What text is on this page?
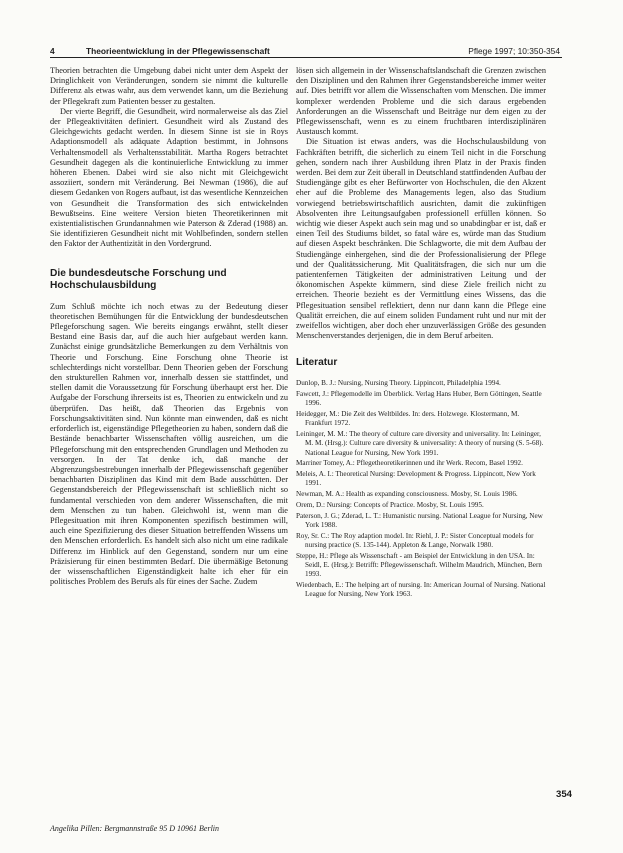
4	Theorieentwicklung in der Pflegewissenschaft	Pflege 1997; 10:350-354

Theorien betrachten die Umgebung dabei nicht unter dem Aspekt der Dringlichkeit von Veränderungen, sondern sie nimmt die kulturelle Differenz als etwas wahr, aus dem verwendet kann, um die Beziehung der Pflegekraft zum Patienten besser zu gestalten.

Der vierte Begriff, die Gesundheit, wird normalerweise als das Ziel der Pflegeaktivitäten definiert. Gesundheit wird als Zustand des Gleichgewichts gedacht werden. In diesem Sinne ist sie in Roys Adaptionsmodell als adäquate Adaption bestimmt, in Johnsons Verhaltensmodell als Verhaltensstabilität. Martha Rogers betrachtet Gesundheit dagegen als die kontinuierliche Entwicklung zu immer höheren Ebenen. Dabei wird sie also nicht mit Gleichgewicht assoziiert, sondern mit Veränderung. Bei Newman (1986), die auf diesem Gedanken von Rogers aufbaut, ist das wesentliche Kennzeichen von Gesundheit die Transformation des sich entwickelnden Bewußtseins. Eine weitere Version bieten Theoretikerinnen mit existentialistischen Grundannahmen wie Paterson & Zderad (1988) an. Sie identifizieren Gesundheit nicht mit Wohlbefinden, sondern stellen den Faktor der Authentizität in den Vordergrund.

Die bundesdeutsche Forschung und Hochschulausbildung

Zum Schluß möchte ich noch etwas zu der Bedeutung dieser theoretischen Bemühungen für die Entwicklung der bundesdeutschen Pflegeforschung sagen. Wie bereits eingangs erwähnt, stellt dieser Bestand eine Basis dar, auf die auch hier aufgebaut werden kann. Zunächst einige grundsätzliche Bemerkungen zu dem Verhältnis von Theorie und Forschung. Eine Forschung ohne Theorie ist schlechterdings nicht vorstellbar. Denn Theorien geben der Forschung den strukturellen Rahmen vor, innerhalb dessen sie stattfindet, und stellen damit die Voraussetzung für Forschung überhaupt erst her. Die Aufgabe der Forschung ihrerseits ist es, Theorien zu entwickeln und zu überprüfen. Das heißt, daß Theorien das Ergebnis von Forschungsaktivitäten sind. Nun könnte man einwenden, daß es nicht erforderlich ist, eigenständige Pflegetheorien zu haben, sondern daß die Bestände benachbarter Wissenschaften völlig ausreichen, um die Pflegeforschung mit den entsprechenden Grundlagen und Methoden zu versorgen. In der Tat denke ich, daß manche der Abgrenzungsbestrebungen innerhalb der Pflegewissenschaft gegenüber benachbarten Disziplinen das Kind mit dem Bade ausschütten. Der Gegenstandsbereich der Pflegewissenschaft ist schließlich nicht so fundamental verschieden von dem anderer Wissenschaften, die mit dem Menschen zu tun haben. Gleichwohl ist, wenn man die Pflegesituation mit ihren Komponenten spezifisch bestimmen will, auch eine Spezifizierung des dieser Situation betreffenden Wissens um den Menschen erforderlich. Es handelt sich also nicht um eine radikale Differenz im Hinblick auf den Gegenstand, sondern nur um eine Präzisierung für einen bestimmten Bedarf. Die übermäßige Betonung der wissenschaftlichen Eigenständigkeit halte ich eher für ein politisches Problem des Berufs als für eines der Sache. Zudem

lösen sich allgemein in der Wissenschaftslandschaft die Grenzen zwischen den Disziplinen und den Rahmen ihrer Gegenstandsbereiche immer weiter auf. Dies betrifft vor allem die Wissenschaften vom Menschen. Die immer komplexer werdenden Probleme und die sich daraus ergebenden Anforderungen an die Wissenschaft und Beiträge nur dem eigen zu der Pflegewissenschaft, wenn es zu einem fruchtbaren interdisziplinären Austausch kommt.

Die Situation ist etwas anders, was die Hochschulausbildung von Fachkräften betrifft, die sicherlich zu einem Teil nicht in die Forschung gehen, sondern nach ihrer Ausbildung ihren Platz in der Praxis finden werden. Bei dem zur Zeit überall in Deutschland stattfindenden Aufbau der Studiengänge gibt es eher Befürworter von Hochschulen, die den Akzent eher auf die Probleme des Managements legen, also das Studium vorwiegend betriebswirtschaftlich ausrichten, damit die zukünftigen Absolventen ihre Leitungsaufgaben professionell erfüllen können. So wichtig wie dieser Aspekt auch sein mag und so unabdingbar er ist, daß er einen Teil des Studiums bildet, so fatal wäre es, würde man das Studium auf diesen Aspekt beschränken. Die Schlagworte, die mit dem Aufbau der Studiengänge einhergehen, sind die der Professionalisierung der Pflege und der Qualitätssicherung. Mit Qualitätsfragen, die sich nur um die patientenfernen Tätigkeiten der administrativen Leitung und der ökonomischen Aspekte kümmern, sind diese Ziele freilich nicht zu erreichen. Theorie bezieht es der Vermittlung eines Wissens, das die Pflegesituation sensibel reflektiert, denn nur dann kann die Pflege eine Qualität erreichen, die auf einem soliden Fundament ruht und nur mit der zweifellos wichtigen, aber doch eher unzuverlässigen Größe des gesunden Menschenverstandes derjenigen, die in dem Beruf arbeiten.

Literatur
Dunlop, B. J.: Nursing, Nursing Theory. Lippincott, Philadelphia 1994.
Fawcett, J.: Pflegemodelle im Überblick. Verlag Hans Huber, Bern Göttingen, Seattle 1996.
Heidegger, M.: Die Zeit des Weltbildes. In: ders. Holzwege. Klostermann, M. Frankfurt 1972.
Leininger, M. M.: The theory of culture care diversity and universality. In: Leininger, M. M. (Hrsg.): Culture care diversity & universality: A theory of nursing (S. 5-68). National League for Nursing, New York 1991.
Marriner Tomey, A.: Pflegetheoretikerinnen und ihr Werk. Recom, Basel 1992.
Meleis, A. I.: Theoretical Nursing: Development & Progress. Lippincott, New York 1991.
Newman, M. A.: Health as expanding consciousness. Mosby, St. Louis 1986.
Orem, D.: Nursing: Concepts of Practice. Mosby, St. Louis 1995.
Paterson, J. G.; Zderad, L. T.: Humanistic nursing. National League for Nursing, New York 1988.
Roy, Sr. C.: The Roy adaption model. In: Riehl, J. P.: Sister Conceptual models for nursing practice (S. 135-144). Appleton & Lange, Norwalk 1980.
Steppe, H.: Pflege als Wissenschaft - am Beispiel der Entwicklung in den USA. In: Seidl, E. (Hrsg.): Betrifft: Pflegewissenschaft. Wilhelm Maudrich, München, Bern 1993.
Wiedenbach, E.: The helping art of nursing. In: American Journal of Nursing. National League for Nursing, New York 1963.
354
Angelika Pillen: Bergmannstraße 95 D 10961 Berlin
